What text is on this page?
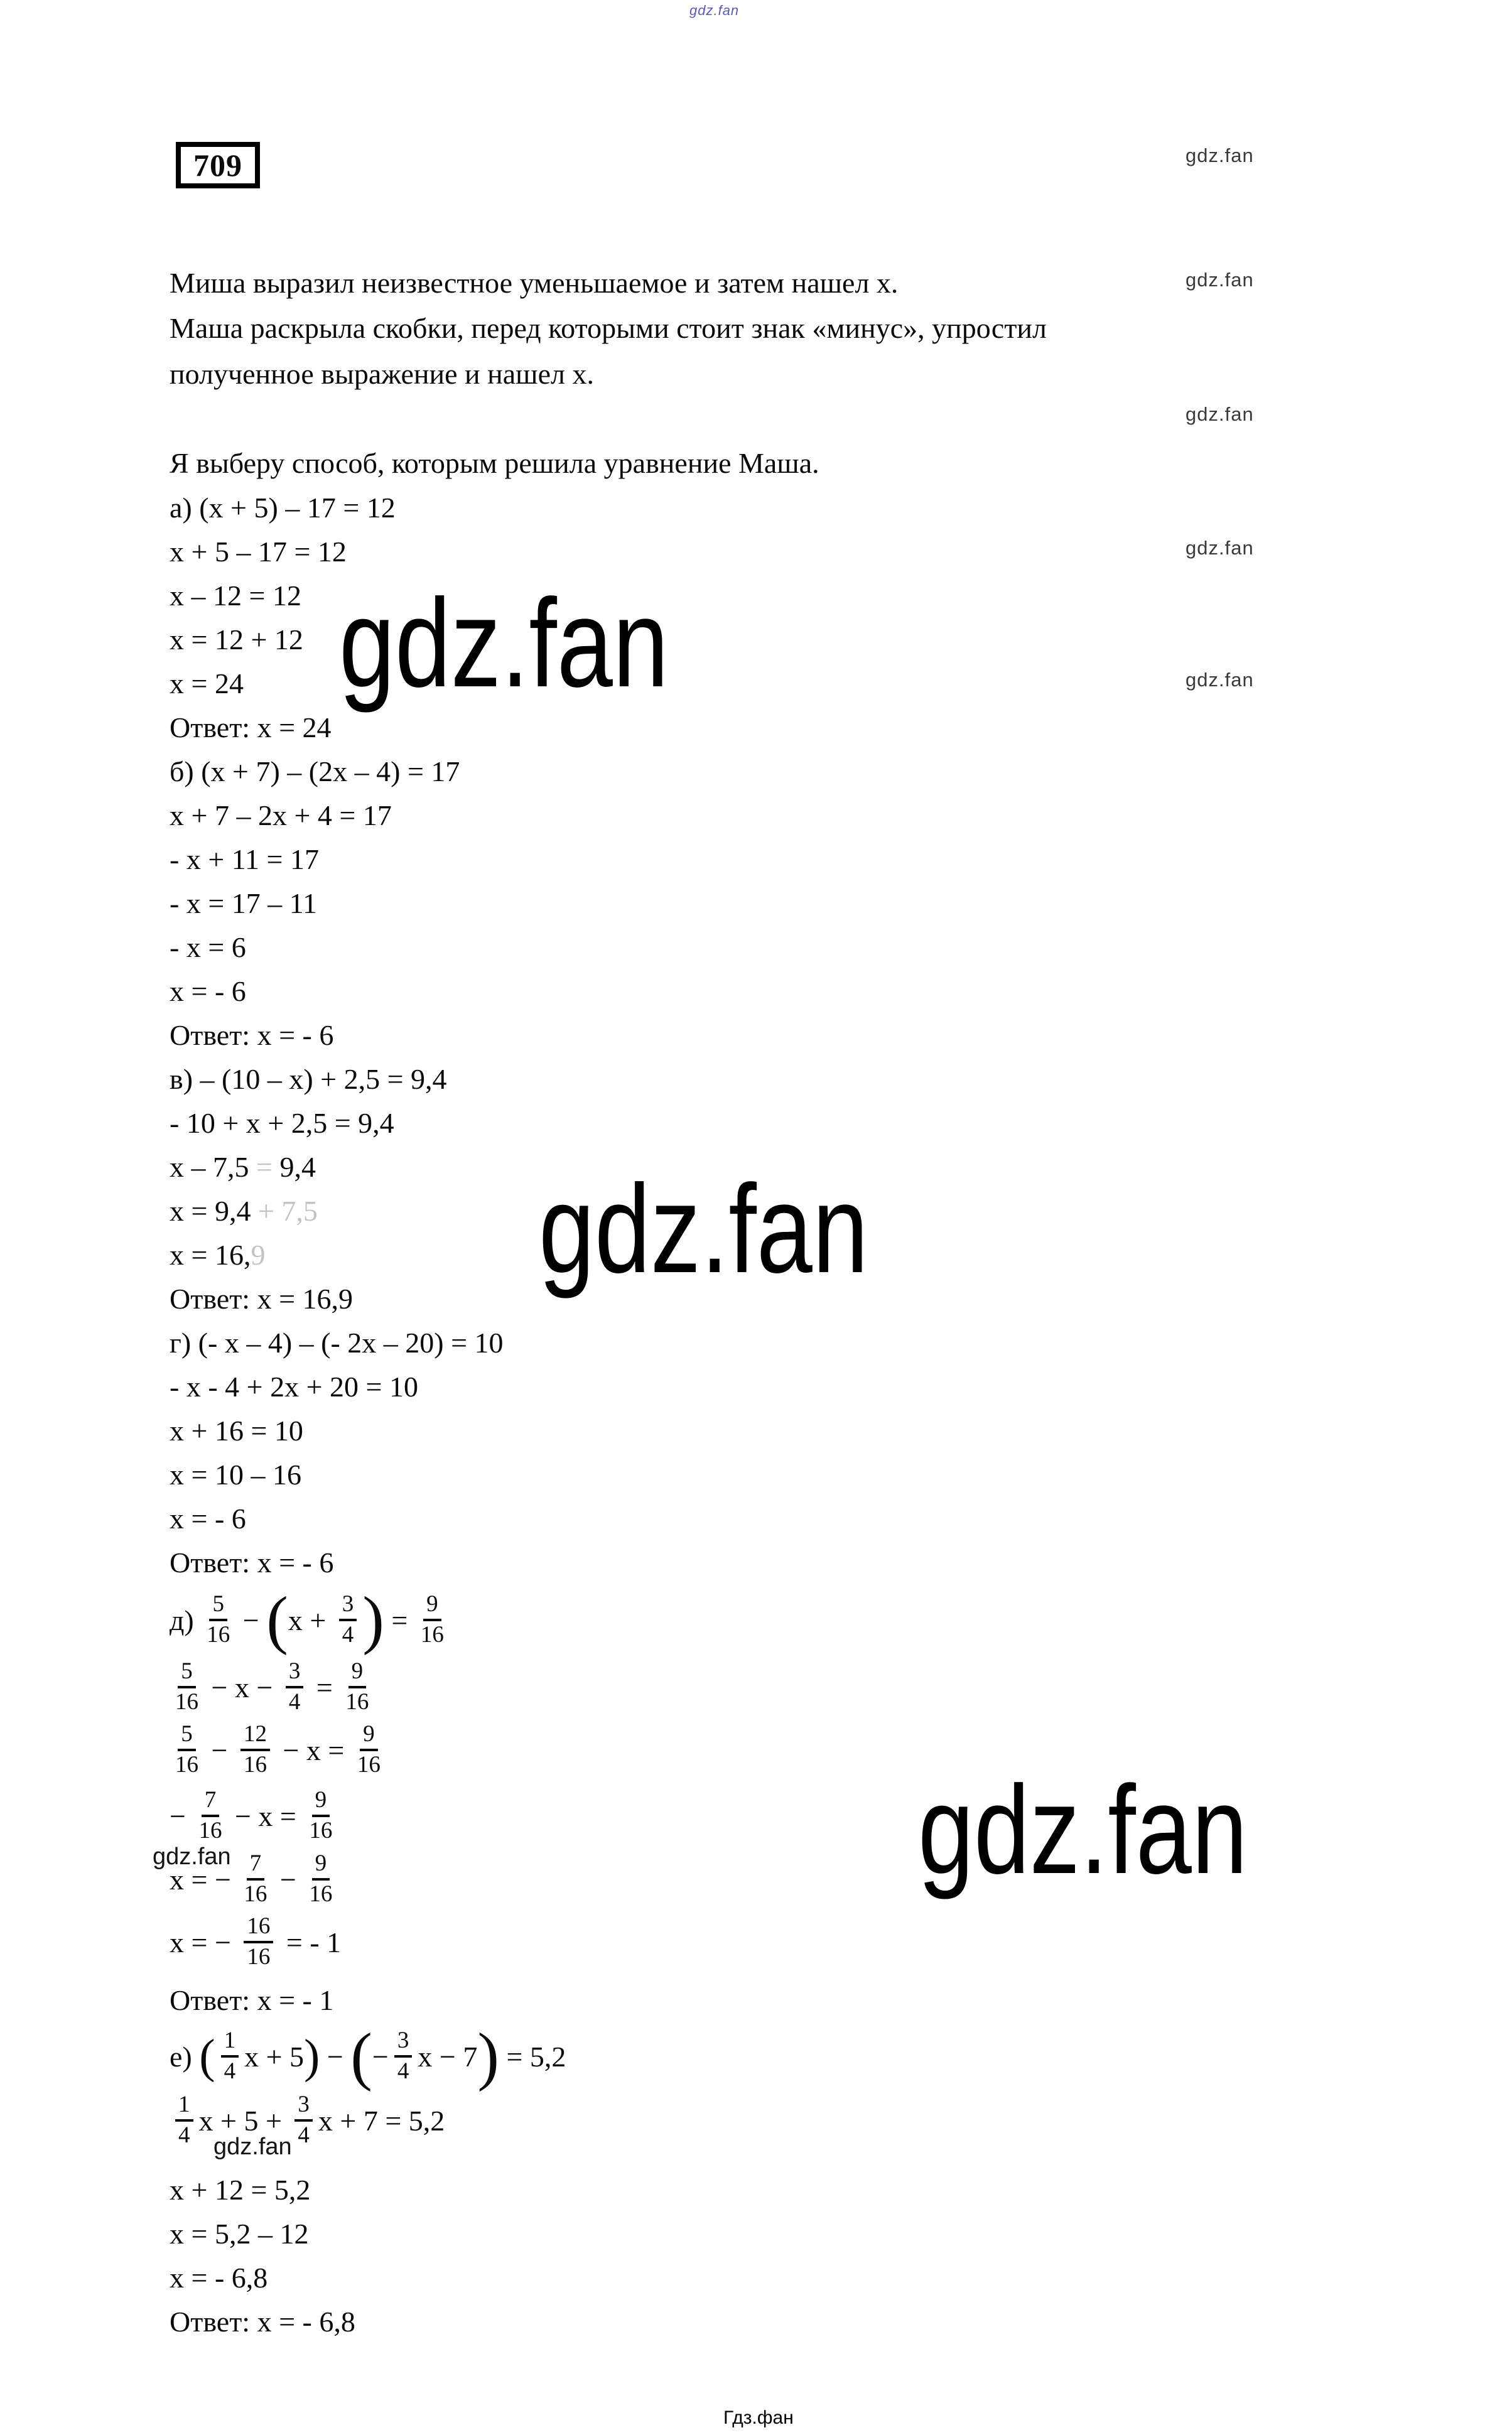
gdz.fan
709	gdz.fan
gdz.fan
gdz.fan
gdz.fan
gdz.fan
Миша выразил неизвестное уменьшаемое и затем нашел x.
Маша раскрыла скобки, перед которыми стоит знак «минус», упростил
полученное выражение и нашел x.
Я выберу способ, которым решила уравнение Маша.
а) (x + 5) – 17 = 12
x + 5 – 17 = 12
x – 12 = 12
x = 12 + 12
x = 24
Ответ: x = 24
gdz.fan
б) (x + 7) – (2x – 4) = 17
x + 7 – 2x + 4 = 17
- x + 11 = 17
- x = 17 – 11
- x = 6
x = - 6
Ответ: x = - 6
в) – (10 – x) + 2,5 = 9,4
- 10 + x + 2,5 = 9,4
x – 7,5 = 9,4
x = 9,4 + 7,5
x = 16,9
Ответ: x = 16,9 gdz.fan
г) (- x – 4) – (- 2x – 20) = 10
- x - 4 + 2x + 20 = 10
x + 16 = 10
x = 10 – 16
x = - 6
Ответ: x = - 6
$д) \frac{5}{16}$ − ( $x + \frac{3}{4}$ ) = $\frac{9}{16}$
$\frac{5}{16} - x - \frac{3}{4} = \frac{9}{16}$
$\frac{5}{16} - \frac{12}{16} - x = \frac{9}{16}$
− $\frac{7}{16} - x = \frac{9}{16}$
gdz.fan
x = − $\frac{7}{16} - \frac{9}{16}$
x = − $\frac{16}{16}$ = - 1
Ответ: x = - 1
gdz.fan
е) ( $\frac{1}{4}$ x + 5 ) − ( − $\frac{3}{4}$ x − 7 ) = 5,2
$\frac{1}{4}$ $x + 5 + \frac{3}{4}$ x + 7 = 5,2
gdz.fan
x + 12 = 5,2
x = 5,2 – 12
x = - 6,8
Ответ: x = - 6,8
Гдз.фан
